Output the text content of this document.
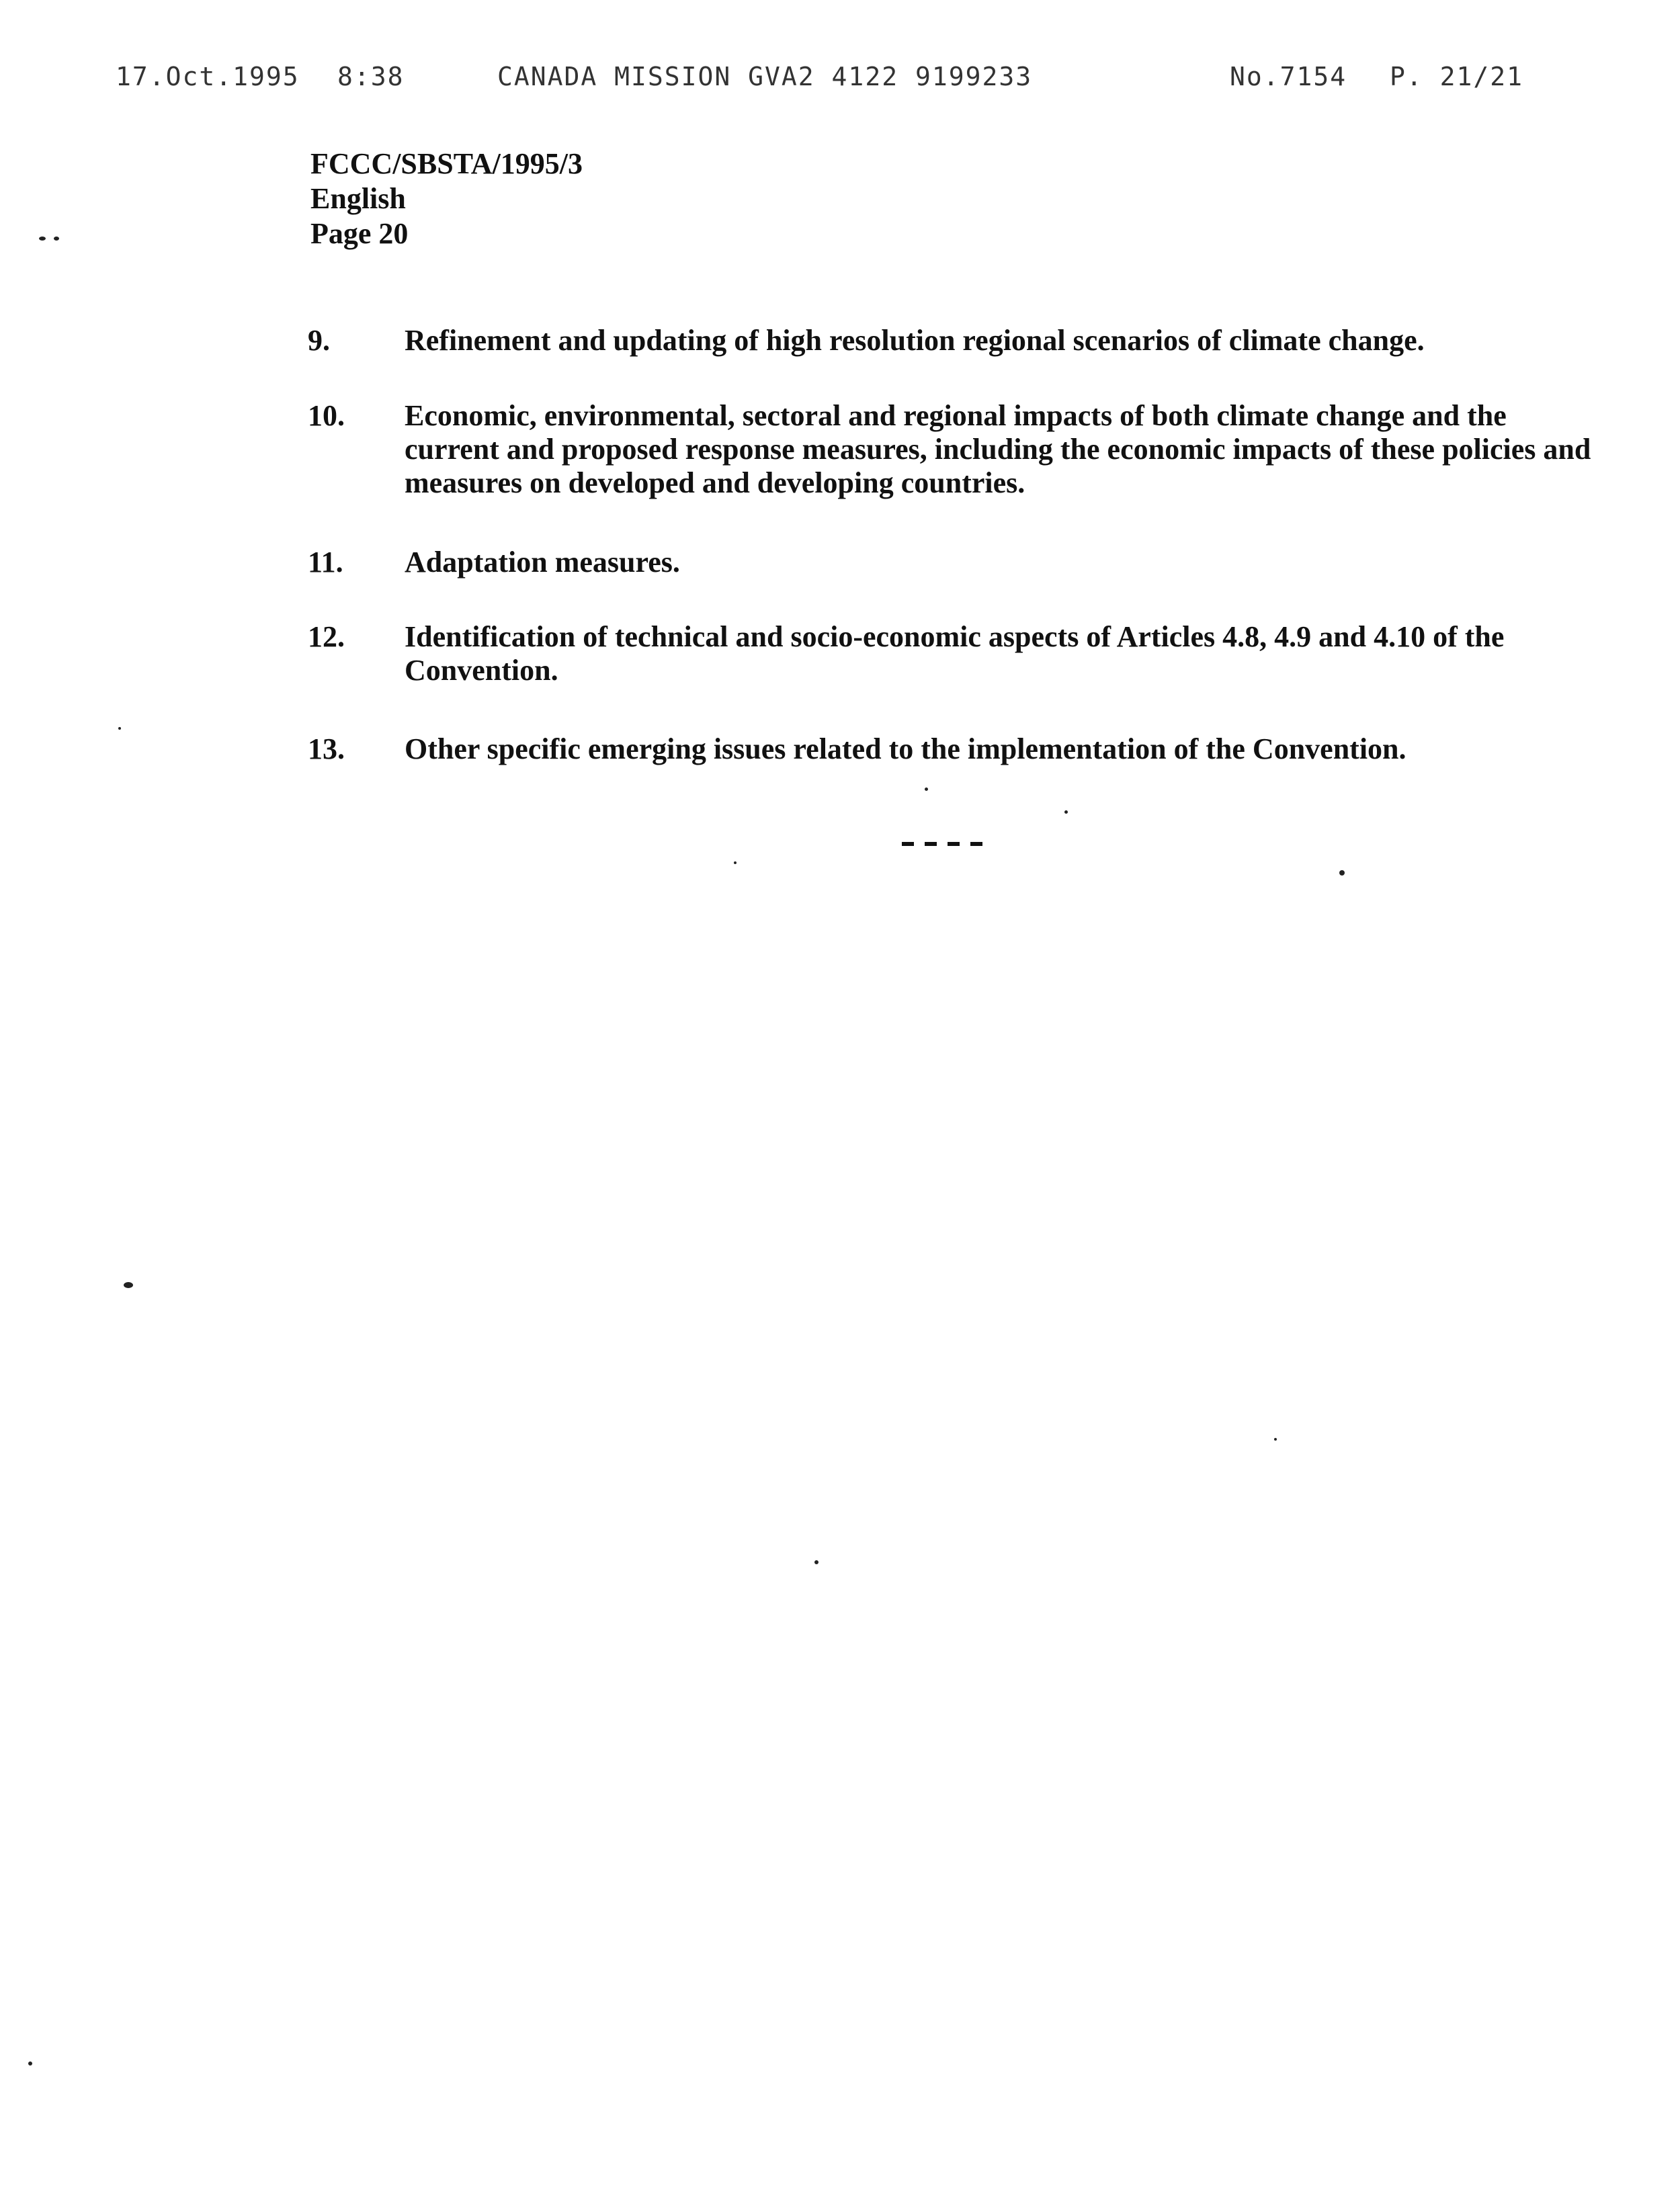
17.Oct.1995 8:38	CANADA MISSION GVA2 4122 9199233	No.7154 P. 21/21
FCCC/SBSTA/1995/3
English
Page 20
9.	Refinement and updating of high resolution regional scenarios of climate change.
10. Economic, environmental, sectoral and regional impacts of both climate change and the current and proposed response measures, including the economic impacts of these policies and measures on developed and developing countries.
11. Adaptation measures.
12. Identification of technical and socio-economic aspects of Articles 4.8, 4.9 and 4.10 of the Convention.
13. Other specific emerging issues related to the implementation of the Convention.
